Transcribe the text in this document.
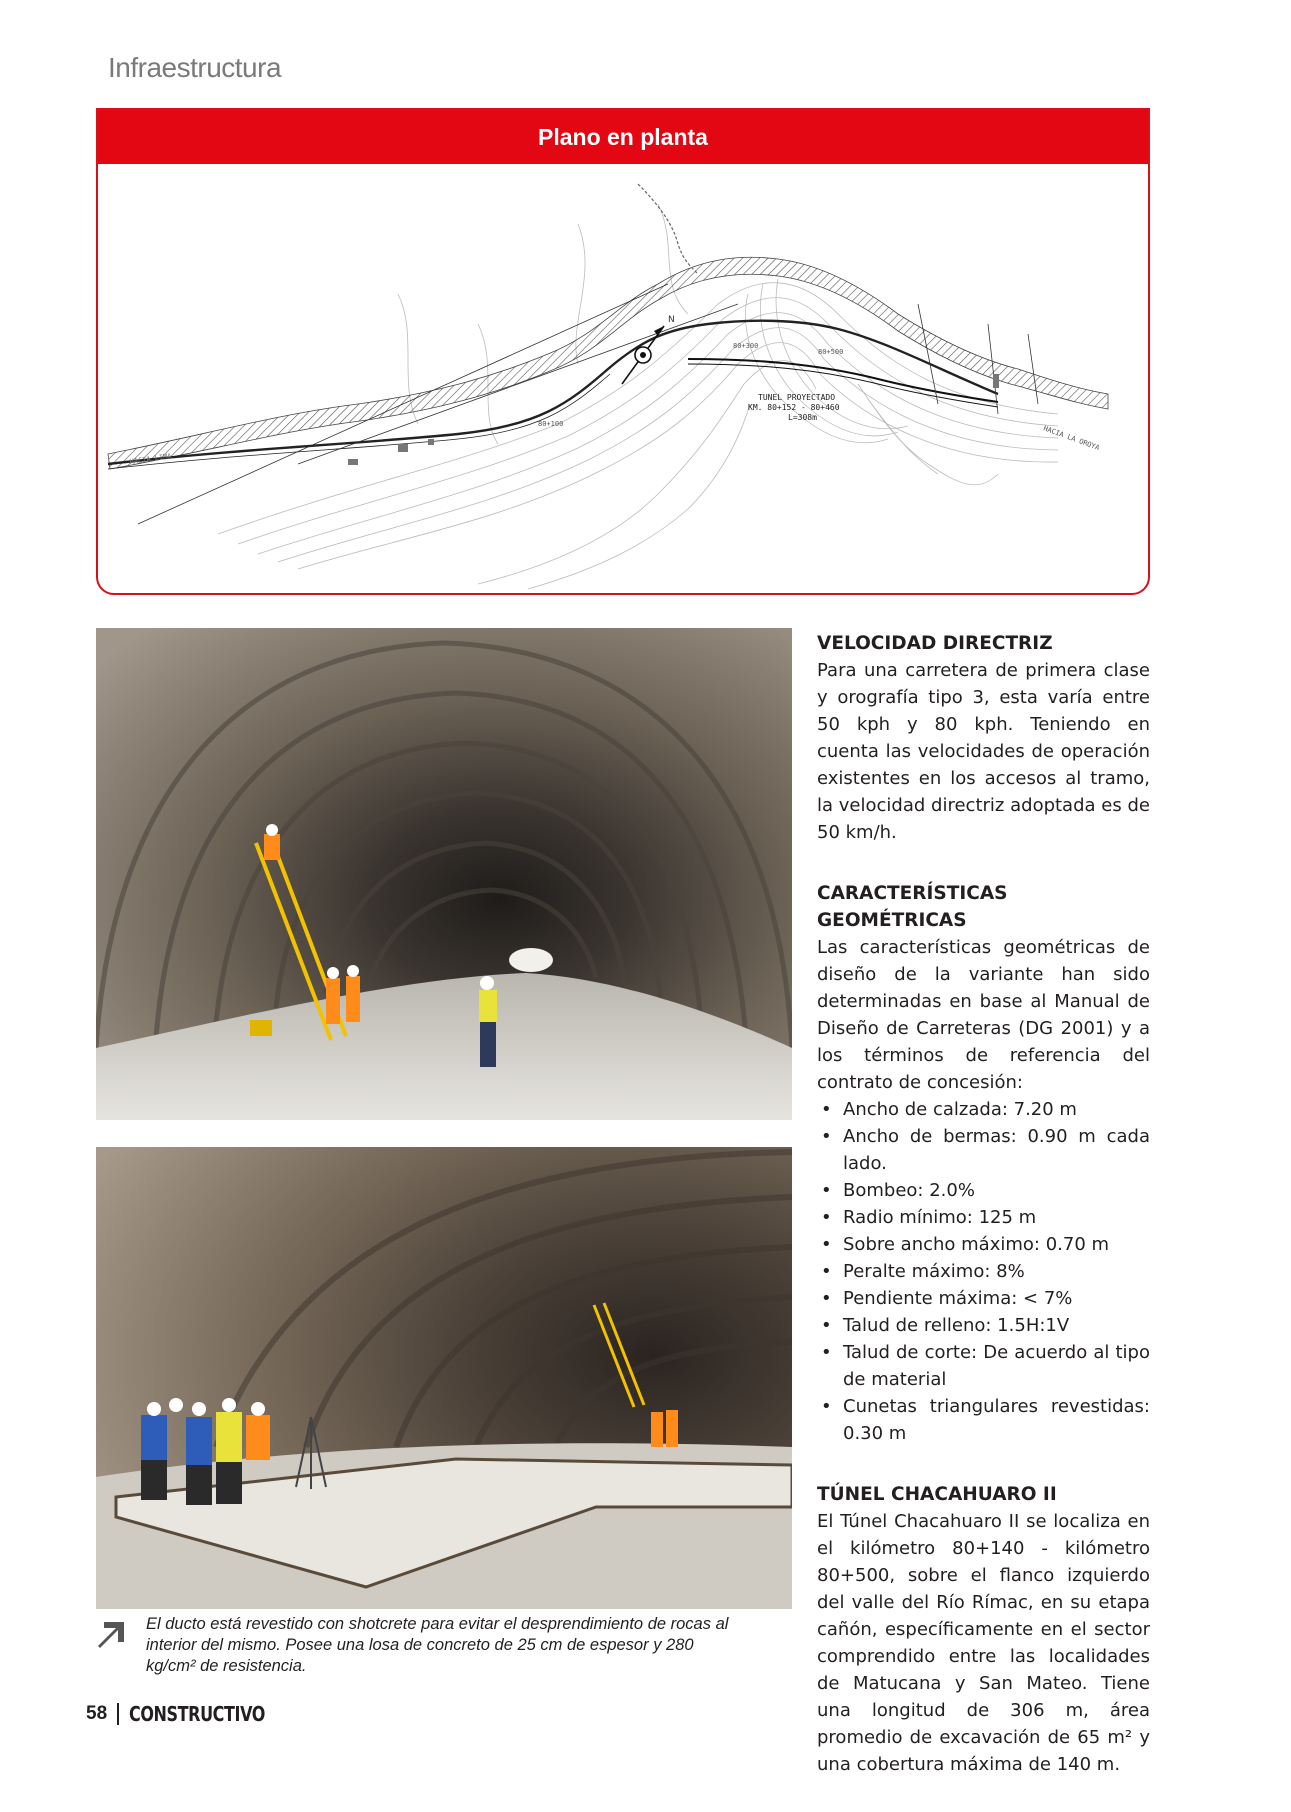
Infraestructura
Plano en planta
N
TUNEL PROYECTADO
KM. 80+152 - 80+460
L=308m
80+300
80+500
80+100
HACIA LA OROYA
HACIA LIMA
El ducto está revestido con shotcrete para evitar el desprendimiento de rocas al interior del mismo. Posee una losa de concreto de 25 cm de espesor y 280 kg/cm² de resistencia.
VELOCIDAD DIRECTRIZ

Para una carretera de primera clase y orografía tipo 3, esta varía entre 50 kph y 80 kph. Teniendo en cuenta las velocidades de operación existentes en los accesos al tramo, la velocidad directriz adoptada es de 50 km/h.

CARACTERÍSTICAS GEOMÉTRICAS

Las características geométricas de diseño de la variante han sido determinadas en base al Manual de Diseño de Carreteras (DG 2001) y a los términos de referencia del contrato de concesión:

• Ancho de calzada: 7.20 m
• Ancho de bermas: 0.90 m cada lado.
• Bombeo: 2.0%
• Radio mínimo: 125 m
• Sobre ancho máximo: 0.70 m
• Peralte máximo: 8%
• Pendiente máxima: < 7%
• Talud de relleno: 1.5H:1V
• Talud de corte: De acuerdo al tipo de material
• Cunetas triangulares revestidas: 0.30 m
TÚNEL CHACAHUARO II

El Túnel Chacahuaro II se localiza en el kilómetro 80+140 - kilómetro 80+500, sobre el flanco izquierdo del valle del Río Rímac, en su etapa cañón, específicamente en el sector comprendido entre las localidades de Matucana y San Mateo. Tiene una longitud de 306 m, área promedio de excavación de 65 m² y una cobertura máxima de 140 m.

58 CONSTRUCTIVO
